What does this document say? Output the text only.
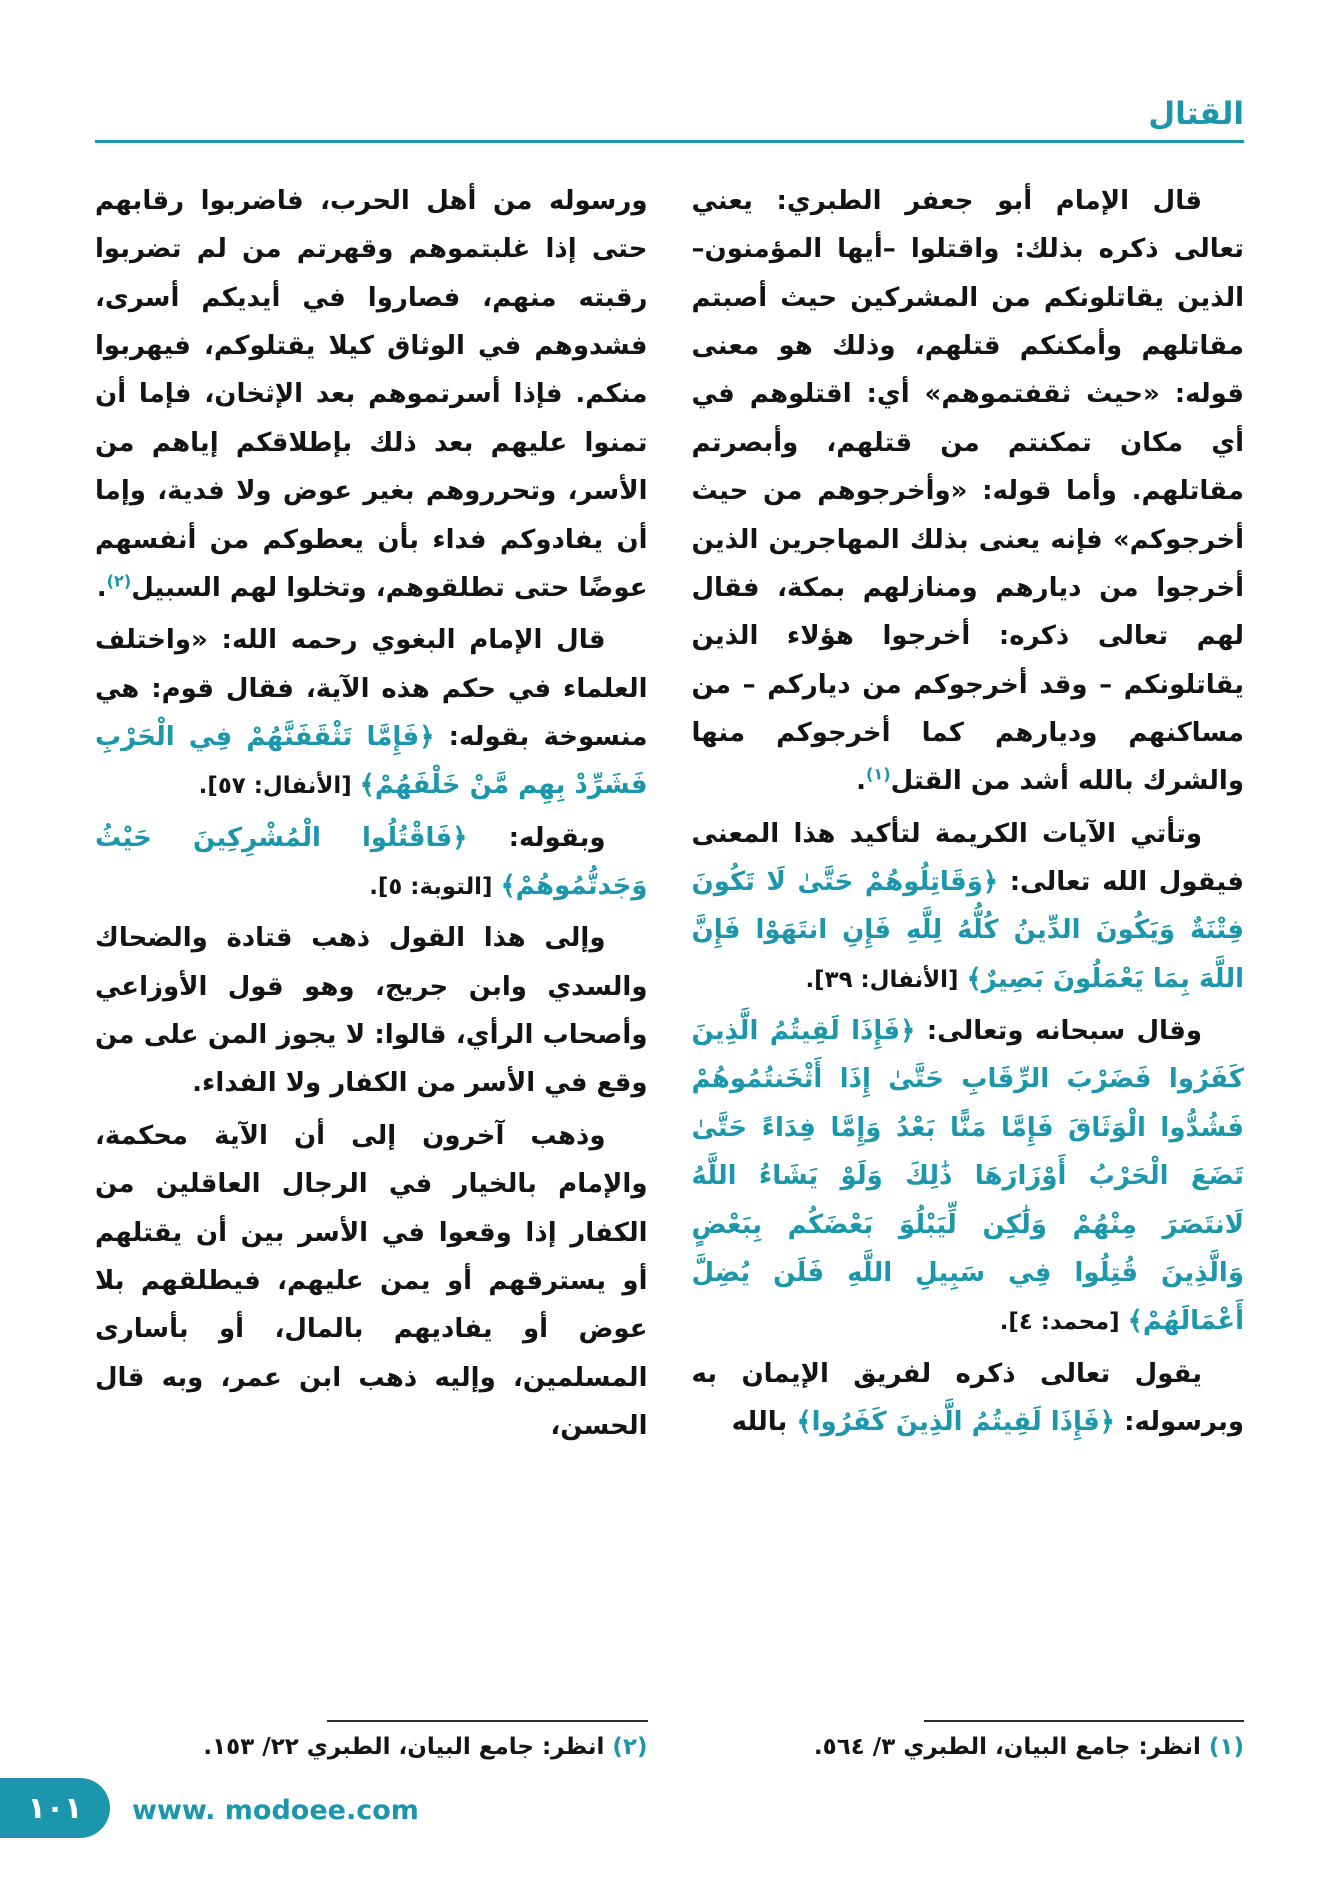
القتال

قال الإمام أبو جعفر الطبري: يعني تعالى ذكره بذلك: واقتلوا –أيها المؤمنون– الذين يقاتلونكم من المشركين حيث أصبتم مقاتلهم وأمكنكم قتلهم، وذلك هو معنى قوله: «حيث ثقفتموهم» أي: اقتلوهم في أي مكان تمكنتم من قتلهم، وأبصرتم مقاتلهم. وأما قوله: «وأخرجوهم من حيث أخرجوكم» فإنه يعنى بذلك المهاجرين الذين أخرجوا من ديارهم ومنازلهم بمكة، فقال لهم تعالى ذكره: أخرجوا هؤلاء الذين يقاتلونكم – وقد أخرجوكم من دياركم – من مساكنهم وديارهم كما أخرجوكم منها والشرك بالله أشد من القتل$^{(١)}$.

وتأتي الآيات الكريمة لتأكيد هذا المعنى فيقول الله تعالى: ﴿وَقَاتِلُوهُمْ حَتَّىٰ لَا تَكُونَ فِتْنَةٌ وَيَكُونَ الدِّينُ كُلُّهُ لِلَّهِ فَإِنِ انتَهَوْا فَإِنَّ اللَّهَ بِمَا يَعْمَلُونَ بَصِيرٌ﴾ [الأنفال: ٣٩].

وقال سبحانه وتعالى: ﴿فَإِذَا لَقِيتُمُ الَّذِينَ كَفَرُوا فَضَرْبَ الرِّقَابِ حَتَّىٰ إِذَا أَثْخَنتُمُوهُمْ فَشُدُّوا الْوَثَاقَ فَإِمَّا مَنًّا بَعْدُ وَإِمَّا فِدَاءً حَتَّىٰ تَضَعَ الْحَرْبُ أَوْزَارَهَا ذَٰلِكَ وَلَوْ يَشَاءُ اللَّهُ لَانتَصَرَ مِنْهُمْ وَلَٰكِن لِّيَبْلُوَ بَعْضَكُم بِبَعْضٍ وَالَّذِينَ قُتِلُوا فِي سَبِيلِ اللَّهِ فَلَن يُضِلَّ أَعْمَالَهُمْ﴾ [محمد: ٤].

يقول تعالى ذكره لفريق الإيمان به وبرسوله: ﴿فَإِذَا لَقِيتُمُ الَّذِينَ كَفَرُوا﴾ بالله

ورسوله من أهل الحرب، فاضربوا رقابهم حتى إذا غلبتموهم وقهرتم من لم تضربوا رقبته منهم، فصاروا في أيديكم أسرى، فشدوهم في الوثاق كيلا يقتلوكم، فيهربوا منكم. فإذا أسرتموهم بعد الإثخان، فإما أن تمنوا عليهم بعد ذلك بإطلاقكم إياهم من الأسر، وتحرروهم بغير عوض ولا فدية، وإما أن يفادوكم فداء بأن يعطوكم من أنفسهم عوضًا حتى تطلقوهم، وتخلوا لهم السبيل$^{(٢)}$.

قال الإمام البغوي رحمه الله: «واختلف العلماء في حكم هذه الآية، فقال قوم: هي منسوخة بقوله: ﴿فَإِمَّا تَثْقَفَنَّهُمْ فِي الْحَرْبِ فَشَرِّدْ بِهِم مَّنْ خَلْفَهُمْ﴾ [الأنفال: ٥٧].

وبقوله: ﴿فَاقْتُلُوا الْمُشْرِكِينَ حَيْثُ وَجَدتُّمُوهُمْ﴾ [التوبة: ٥].

وإلى هذا القول ذهب قتادة والضحاك والسدي وابن جريج، وهو قول الأوزاعي وأصحاب الرأي، قالوا: لا يجوز المن على من وقع في الأسر من الكفار ولا الفداء.

وذهب آخرون إلى أن الآية محكمة، والإمام بالخيار في الرجال العاقلين من الكفار إذا وقعوا في الأسر بين أن يقتلهم أو يسترقهم أو يمن عليهم، فيطلقهم بلا عوض أو يفاديهم بالمال، أو بأسارى المسلمين، وإليه ذهب ابن عمر، وبه قال الحسن،

(١) انظر: جامع البيان، الطبري ٣/ ٥٦٤.
(٢) انظر: جامع البيان، الطبري ٢٢/ ١٥٣.
١٠١	www. modoee.com
